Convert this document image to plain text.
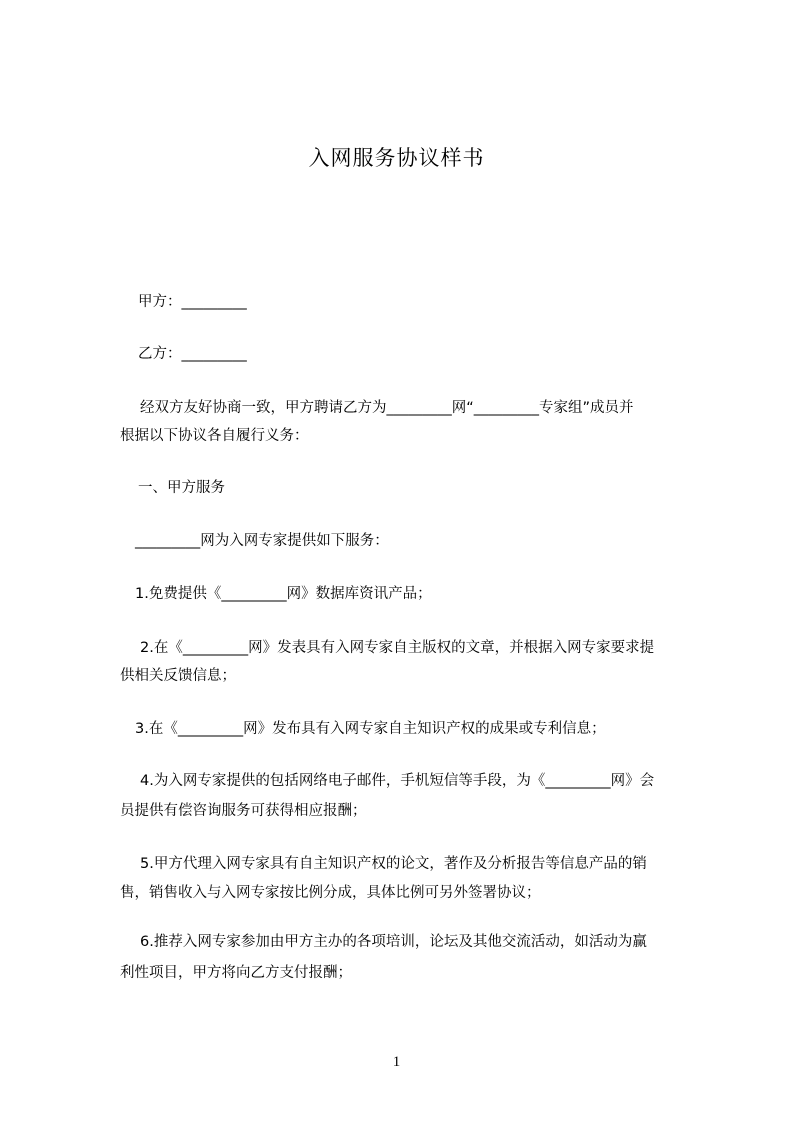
入网服务协议样书
甲方：_________
乙方：_________
经双方友好协商一致，甲方聘请乙方为_________网“_________专家组”成员并
根据以下协议各自履行义务：
一、甲方服务
_________网为入网专家提供如下服务：
1.免费提供《_________网》数据库资讯产品；
2.在《_________网》发表具有入网专家自主版权的文章，并根据入网专家要求提
供相关反馈信息；
3.在《_________网》发布具有入网专家自主知识产权的成果或专利信息；
4.为入网专家提供的包括网络电子邮件，手机短信等手段，为《_________网》会
员提供有偿咨询服务可获得相应报酬；
5.甲方代理入网专家具有自主知识产权的论文，著作及分析报告等信息产品的销
售，销售收入与入网专家按比例分成，具体比例可另外签署协议；
6.推荐入网专家参加由甲方主办的各项培训，论坛及其他交流活动，如活动为赢
利性项目，甲方将向乙方支付报酬；
1
